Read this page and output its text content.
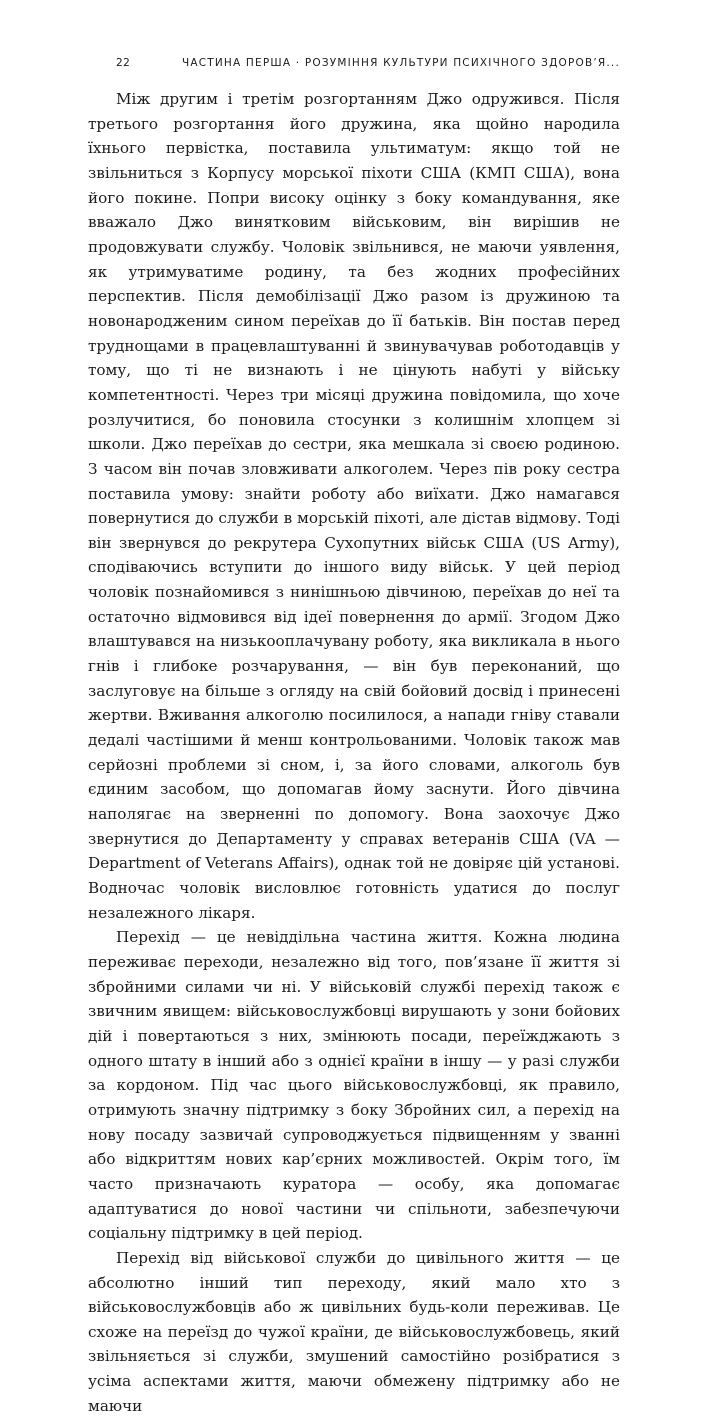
22	ЧАСТИНА ПЕРША · РОЗУМІННЯ КУЛЬТУРИ ПСИХІЧНОГО ЗДОРОВ’Я...

Між другим і третім розгортанням Джо одружився. Після третього розгортання його дружина, яка щойно народила їхнього первістка, поставила ультиматум: якщо той не звільниться з Корпусу морської піхоти США (КМП США), вона його покине. Попри високу оцінку з боку командування, яке вважало Джо винятковим військовим, він вирішив не продовжувати службу. Чоловік звільнився, не маючи уявлення, як утримуватиме родину, та без жодних професійних перспектив. Після демобілізації Джо разом із дружиною та новонародженим сином переїхав до її батьків. Він постав перед труднощами в працевлаштуванні й звинувачував роботодавців у тому, що ті не визнають і не цінують набуті у війську компетентності. Через три місяці дружина повідомила, що хоче розлучитися, бо поновила стосунки з колишнім хлопцем зі школи. Джо переїхав до сестри, яка мешкала зі своєю родиною. З часом він почав зловживати алкоголем. Через пів року сестра поставила умову: знайти роботу або виїхати. Джо намагався повернутися до служби в морській піхоті, але дістав відмову. Тоді він звернувся до рекрутера Сухопутних військ США (US Army), сподіваючись вступити до іншого виду військ. У цей період чоловік познайомився з нинішньою дівчиною, переїхав до неї та остаточно відмовився від ідеї повернення до армії. Згодом Джо влаштувався на низькооплачувану роботу, яка викликала в нього гнів і глибоке розчарування, — він був переконаний, що заслуговує на більше з огляду на свій бойовий досвід і принесені жертви. Вживання алкоголю посилилося, а напади гніву ставали дедалі частішими й менш контрольованими. Чоловік також мав серйозні проблеми зі сном, і, за його словами, алкоголь був єдиним засобом, що допомагав йому заснути. Його дівчина наполягає на зверненні по допомогу. Вона заохочує Джо звернутися до Департаменту у справах ветеранів США (VA — Department of Veterans Affairs), однак той не довіряє цій установі. Водночас чоловік висловлює готовність удатися до послуг незалежного лікаря.

Перехід — це невіддільна частина життя. Кожна людина переживає переходи, незалежно від того, пов’язане її життя зі збройними силами чи ні. У військовій службі перехід також є звичним явищем: військовослужбовці вирушають у зони бойових дій і повертаються з них, змінюють посади, переїжджають з одного штату в інший або з однієї країни в іншу — у разі служби за кордоном. Під час цього військовослужбовці, як правило, отримують значну підтримку з боку Збройних сил, а перехід на нову посаду зазвичай супроводжується підвищенням у званні або відкриттям нових кар’єрних можливостей. Окрім того, їм часто призначають куратора — особу, яка допомагає адаптуватися до нової частини чи спільноти, забезпечуючи соціальну підтримку в цей період.

Перехід від військової служби до цивільного життя — це абсолютно інший тип переходу, який мало хто з військовослужбовців або ж цивільних будь-коли переживав. Це схоже на переїзд до чужої країни, де військовослужбовець, який звільняється зі служби, змушений самостійно розібратися з усіма аспектами життя, маючи обмежену підтримку або не маючи
